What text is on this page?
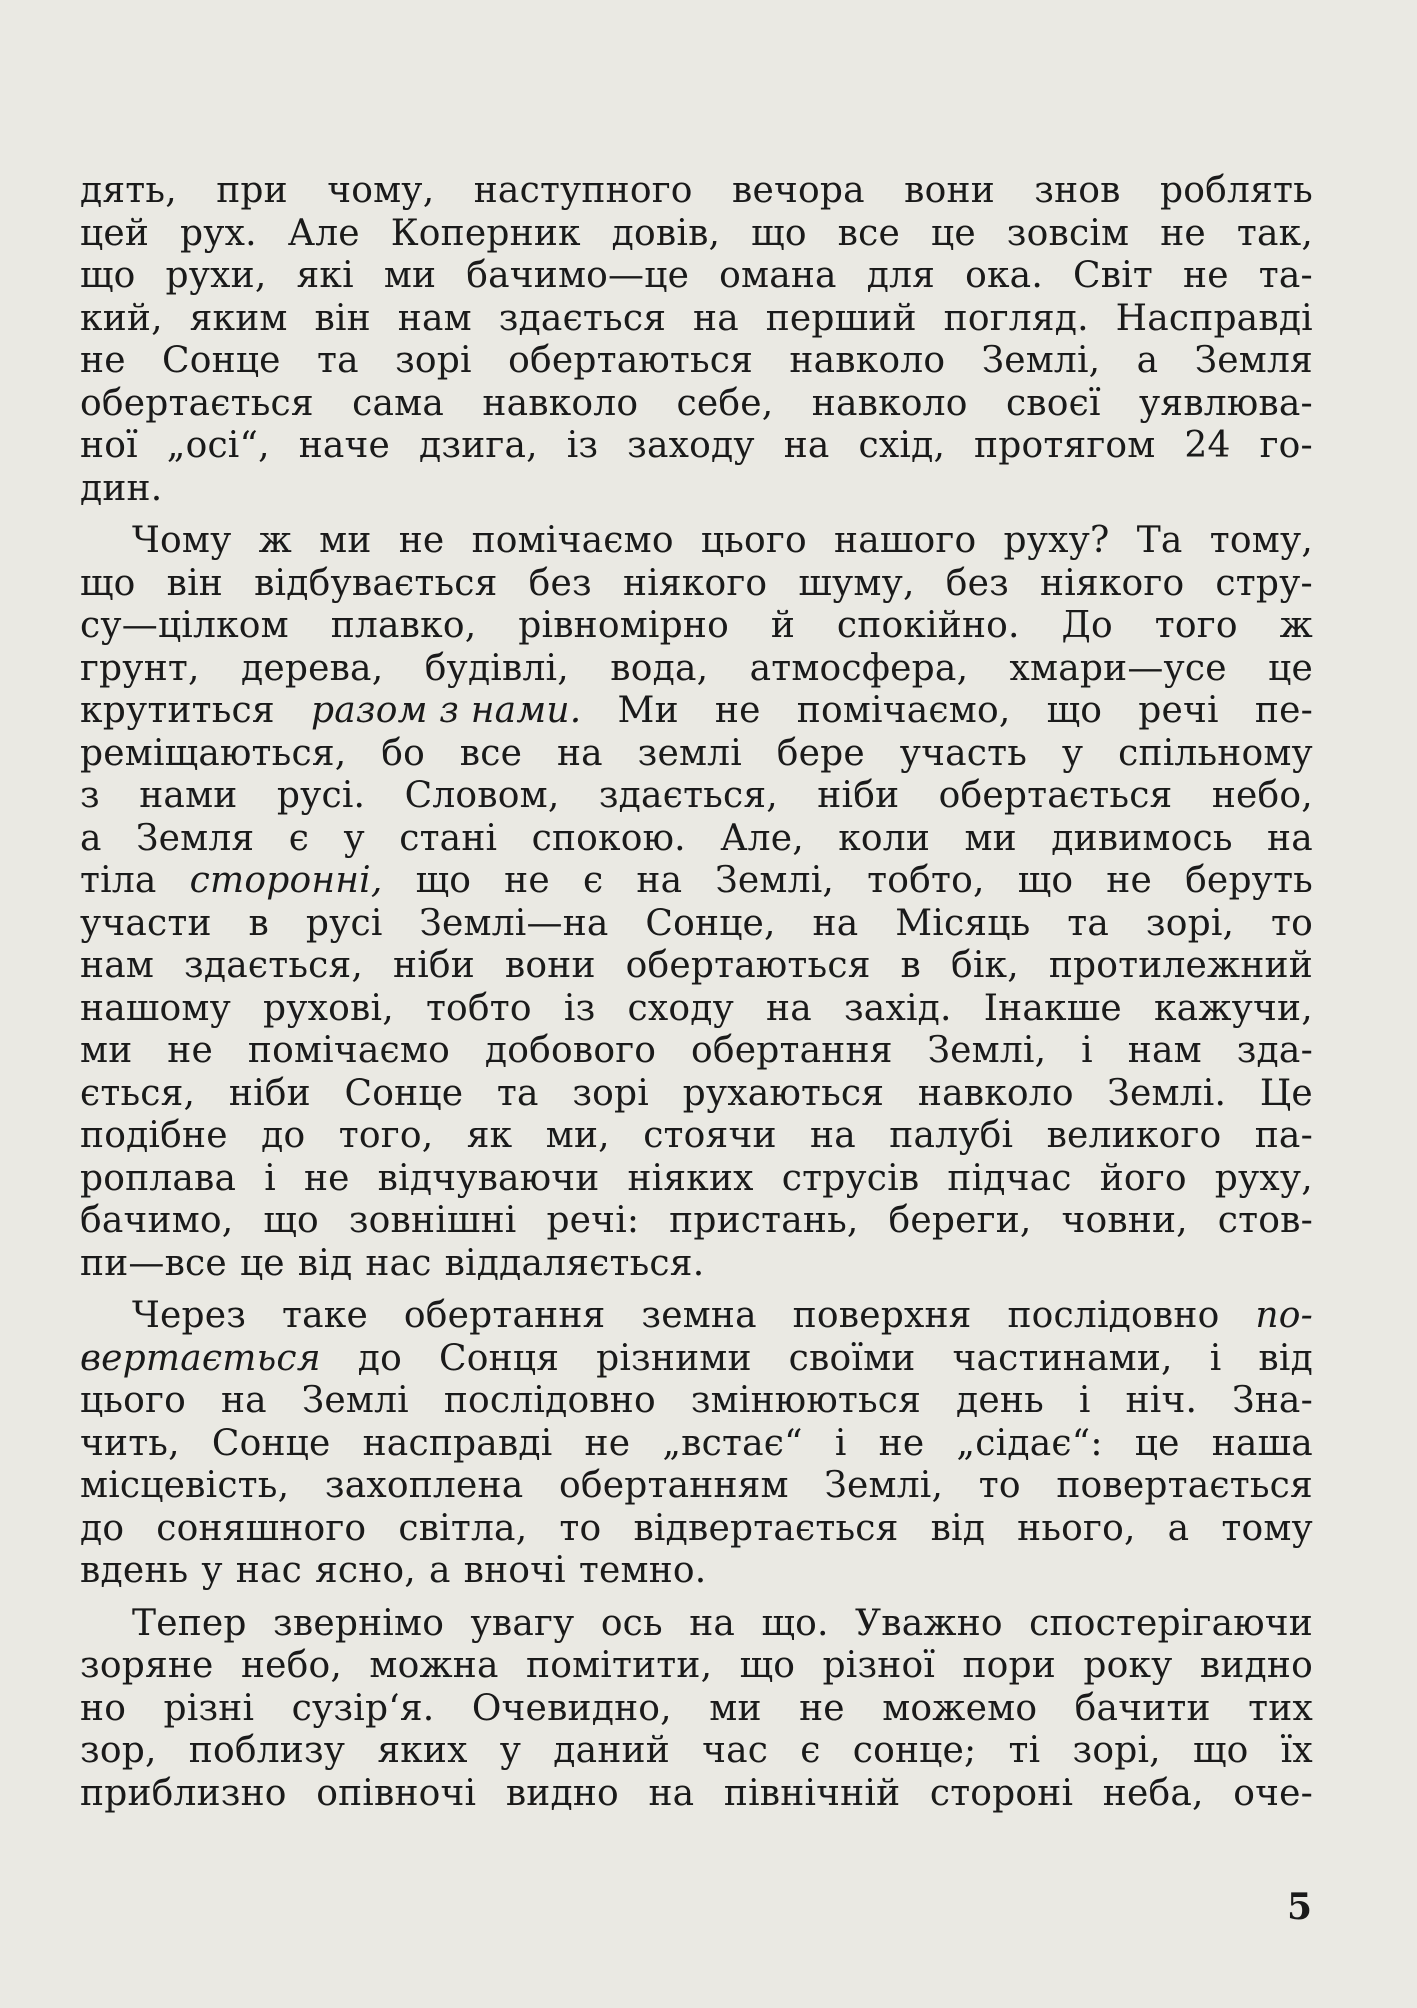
дять, при чому, наступного вечора вони знов роблять
цей рух. Але Коперник довів, що все це зовсім не так,
що рухи, які ми бачимо—це омана для ока. Світ не та-
кий, яким він нам здається на перший погляд. Насправді
не Сонце та зорі обертаються навколо Землі, а Земля
обертається сама навколо себе, навколо своєї уявлюва-
ної „осі“, наче дзига, із заходу на схід, протягом 24 го-
дин.
Чому ж ми не помічаємо цього нашого руху? Та тому,
що він відбувається без ніякого шуму, без ніякого стру-
су—цілком плавко, рівномірно й спокійно. До того ж
грунт, дерева, будівлі, вода, атмосфера, хмари—усе це
крутиться разом з нами. Ми не помічаємо, що речі пе-
реміщаються, бо все на землі бере участь у спільному
з нами русі. Словом, здається, ніби обертається небо,
а Земля є у стані спокою. Але, коли ми дивимось на
тіла сторонні, що не є на Землі, тобто, що не беруть
участи в русі Землі—на Сонце, на Місяць та зорі, то
нам здається, ніби вони обертаються в бік, протилежний
нашому рухові, тобто із сходу на захід. Інакше кажучи,
ми не помічаємо добового обертання Землі, і нам зда-
ється, ніби Сонце та зорі рухаються навколо Землі. Це
подібне до того, як ми, стоячи на палубі великого па-
роплава і не відчуваючи ніяких струсів підчас його руху,
бачимо, що зовнішні речі: пристань, береги, човни, стов-
пи—все це від нас віддаляється.
Через таке обертання земна поверхня послідовно по-
вертається до Сонця різними своїми частинами, і від
цього на Землі послідовно змінюються день і ніч. Зна-
чить, Сонце насправді не „встає“ і не „сідає“: це наша
місцевість, захоплена обертанням Землі, то повертається
до соняшного світла, то відвертається від нього, а тому
вдень у нас ясно, а вночі темно.
Тепер звернімо увагу ось на що. Уважно спостерігаючи
зоряне небо, можна помітити, що різної пори року видно
но різні сузір‘я. Очевидно, ми не можемо бачити тих
зор, поблизу яких у даний час є сонце; ті зорі, що їх
приблизно опівночі видно на північній стороні неба, оче-
5
